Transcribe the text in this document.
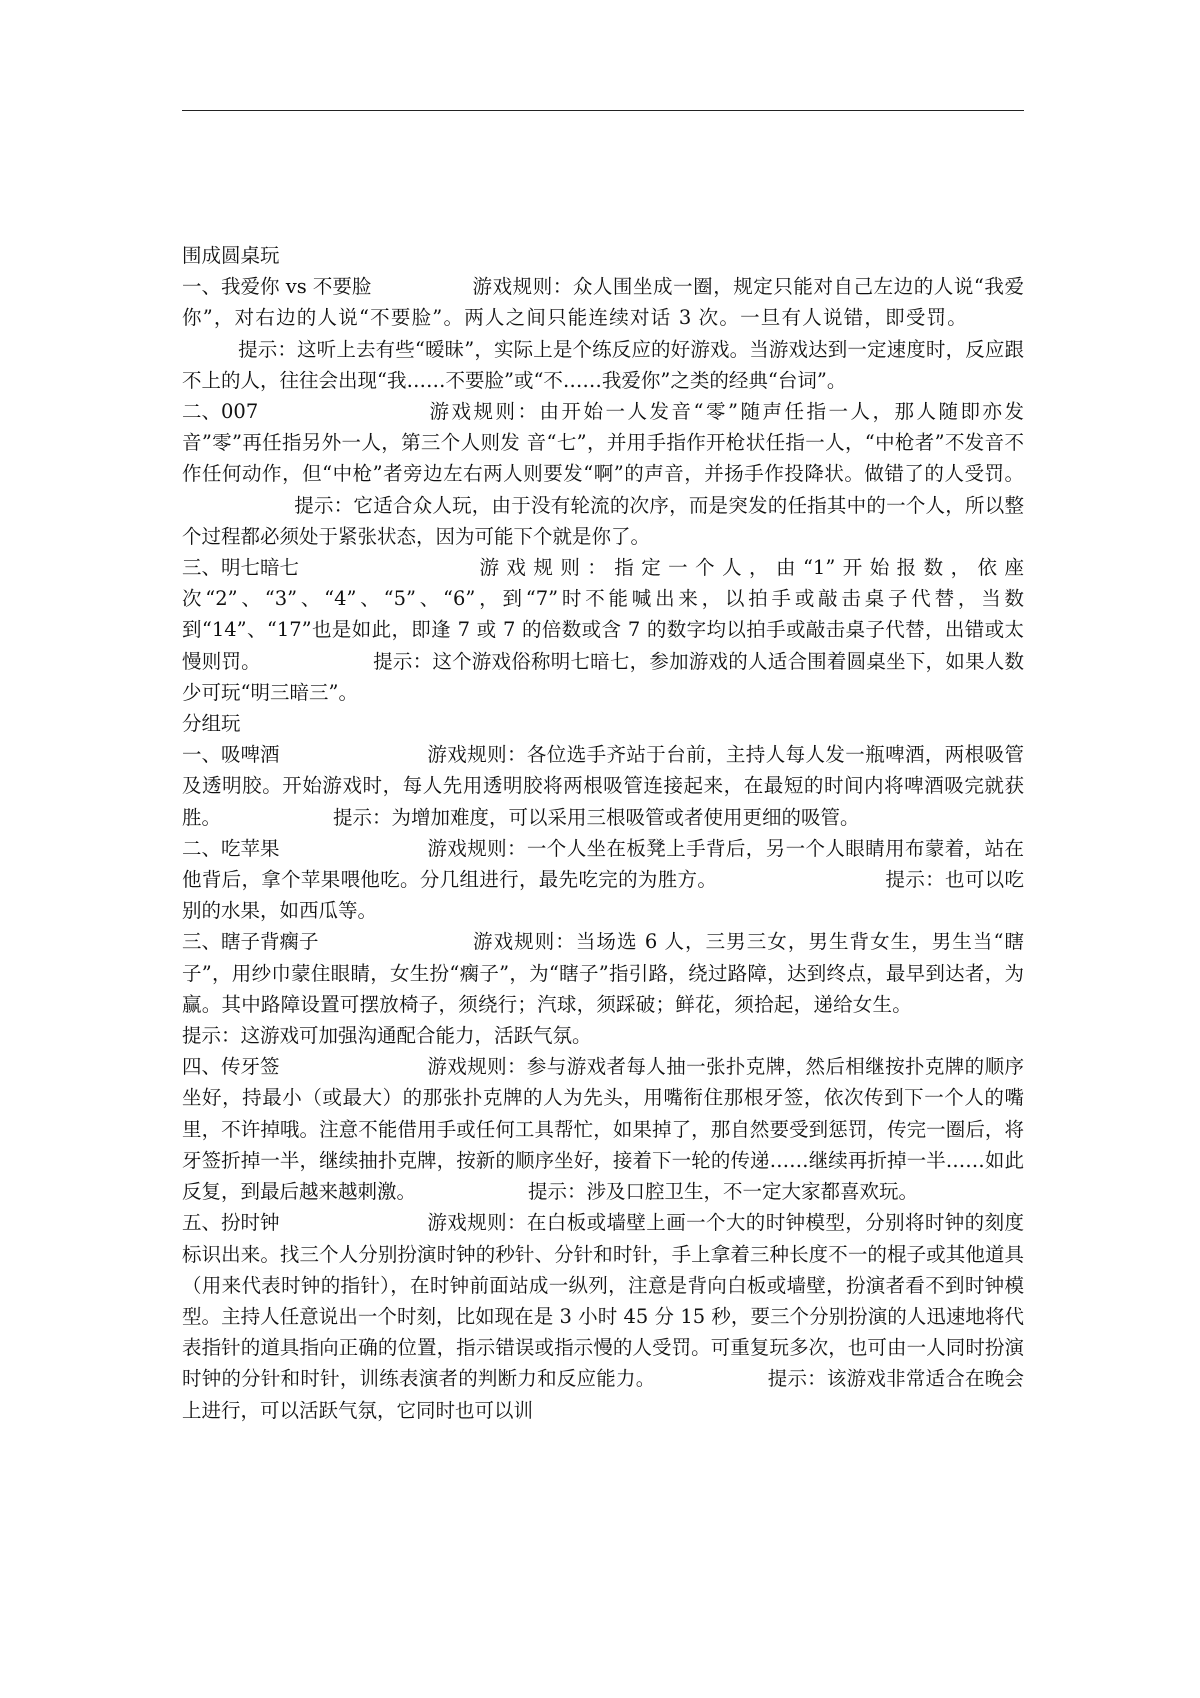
围成圆桌玩

一、我爱你 vs 不要脸	游戏规则：众人围坐成一圈，规定只能对自己左边的人说“我爱你”，对右边的人说“不要脸”。两人之间只能连续对话 3 次。一旦有人说错，即受罚。提示：这听上去有些“暧昧”，实际上是个练反应的好游戏。当游戏达到一定速度时，反应跟不上的人，往往会出现“我……不要脸”或“不……我爱你”之类的经典“台词”。

二、007	游戏规则：由开始一人发音“零”随声任指一人，那人随即亦发音”零”再任指另外一人，第三个人则发 音“七”，并用手指作开枪状任指一人，“中枪者”不发音不作任何动作，但“中枪”者旁边左右两人则要发“啊”的声音，并扬手作投降状。做错了的人受罚。提示：它适合众人玩，由于没有轮流的次序，而是突发的任指其中的一个人，所以整个过程都必须处于紧张状态，因为可能下个就是你了。

三、明七暗七	游戏规则：指定一个人，由“1”开始报数，依座次“2”、“3”、“4”、“5”、“6”，到“7”时不能喊出来，以拍手或敲击桌子代替，当数到“14”、“17”也是如此，即逢 7 或 7 的倍数或含 7 的数字均以拍手或敲击桌子代替，出错或太慢则罚。	提示：这个游戏俗称明七暗七，参加游戏的人适合围着圆桌坐下，如果人数少可玩“明三暗三”。

分组玩

一、吸啤酒	游戏规则：各位选手齐站于台前，主持人每人发一瓶啤酒，两根吸管及透明胶。开始游戏时，每人先用透明胶将两根吸管连接起来，在最短的时间内将啤酒吸完就获胜。	提示：为增加难度，可以采用三根吸管或者使用更细的吸管。

二、吃苹果	游戏规则：一个人坐在板凳上手背后，另一个人眼睛用布蒙着，站在他背后，拿个苹果喂他吃。分几组进行，最先吃完的为胜方。	提示：也可以吃别的水果，如西瓜等。

三、瞎子背瘸子	游戏规则：当场选 6 人，三男三女，男生背女生，男生当“瞎子”，用纱巾蒙住眼睛，女生扮“瘸子”，为“瞎子”指引路，绕过路障，达到终点，最早到达者，为赢。其中路障设置可摆放椅子，须绕行；汽球，须踩破；鲜花，须拾起，递给女生。提示：这游戏可加强沟通配合能力，活跃气氛。

四、传牙签	游戏规则：参与游戏者每人抽一张扑克牌，然后相继按扑克牌的顺序坐好，持最小（或最大）的那张扑克牌的人为先头，用嘴衔住那根牙签，依次传到下一个人的嘴里，不许掉哦。注意不能借用手或任何工具帮忙，如果掉了，那自然要受到惩罚，传完一圈后，将牙签折掉一半，继续抽扑克牌，按新的顺序坐好，接着下一轮的传递……继续再折掉一半……如此反复，到最后越来越刺激。	提示：涉及口腔卫生，不一定大家都喜欢玩。

五、扮时钟	游戏规则：在白板或墙壁上画一个大的时钟模型，分别将时钟的刻度标识出来。找三个人分别扮演时钟的秒针、分针和时针，手上拿着三种长度不一的棍子或其他道具（用来代表时钟的指针），在时钟前面站成一纵列，注意是背向白板或墙壁，扮演者看不到时钟模型。主持人任意说出一个时刻，比如现在是 3 小时 45 分 15 秒，要三个分别扮演的人迅速地将代表指针的道具指向正确的位置，指示错误或指示慢的人受罚。可重复玩多次，也可由一人同时扮演时钟的分针和时针，训练表演者的判断力和反应能力。	提示：该游戏非常适合在晚会上进行，可以活跃气氛，它同时也可以训
